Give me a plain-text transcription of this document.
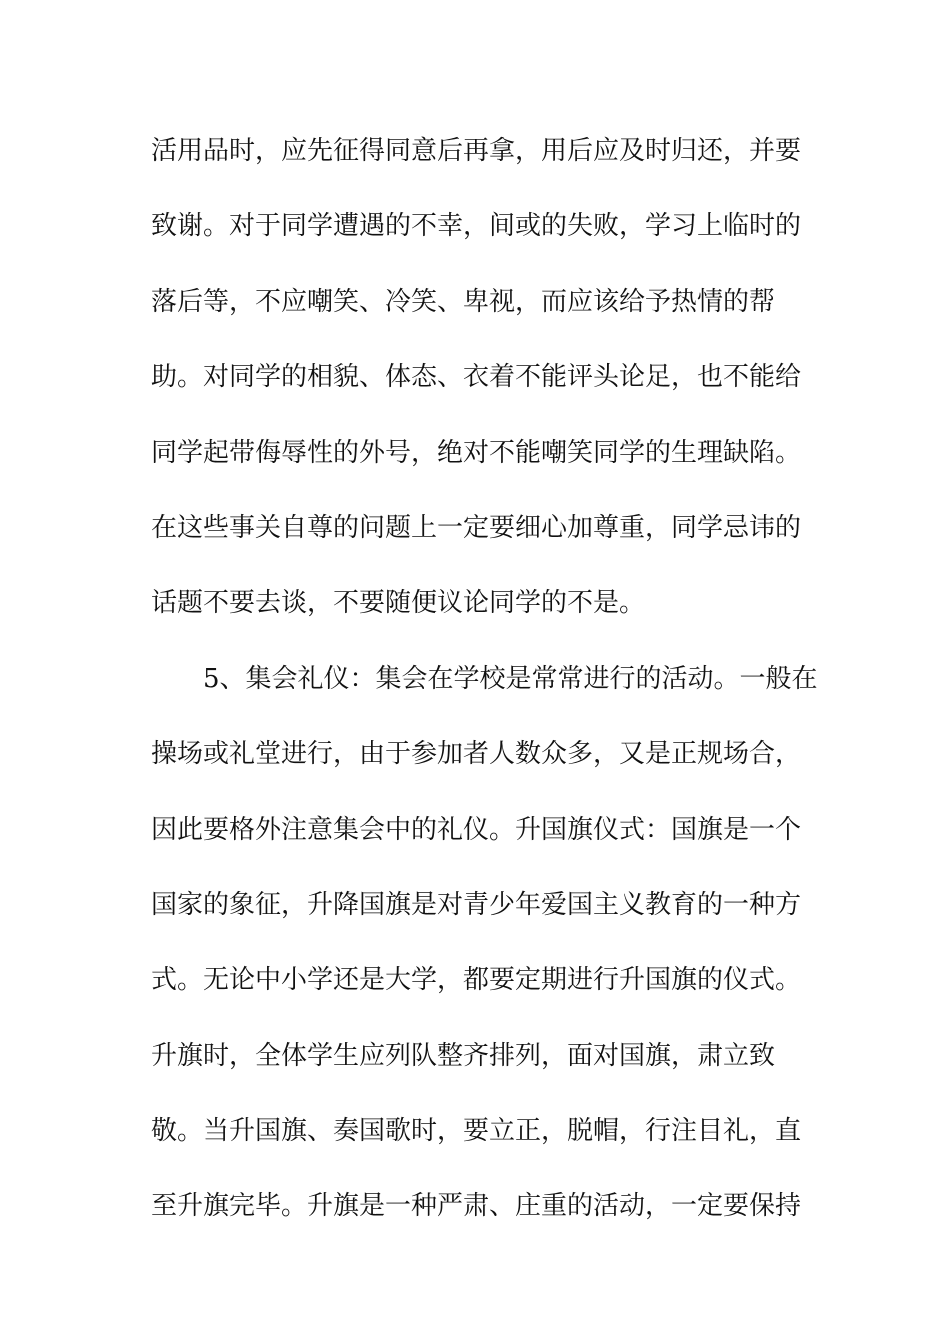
活用品时，应先征得同意后再拿，用后应及时归还，并要
致谢。对于同学遭遇的不幸，间或的失败，学习上临时的
落后等，不应嘲笑、冷笑、卑视，而应该给予热情的帮
助。对同学的相貌、体态、衣着不能评头论足，也不能给
同学起带侮辱性的外号，绝对不能嘲笑同学的生理缺陷。
在这些事关自尊的问题上一定要细心加尊重，同学忌讳的
话题不要去谈，不要随便议论同学的不是。
5、集会礼仪：集会在学校是常常进行的活动。一般在
操场或礼堂进行，由于参加者人数众多，又是正规场合，
因此要格外注意集会中的礼仪。升国旗仪式：国旗是一个
国家的象征，升降国旗是对青少年爱国主义教育的一种方
式。无论中小学还是大学，都要定期进行升国旗的仪式。
升旗时，全体学生应列队整齐排列，面对国旗，肃立致
敬。当升国旗、奏国歌时，要立正，脱帽，行注目礼，直
至升旗完毕。升旗是一种严肃、庄重的活动，一定要保持
